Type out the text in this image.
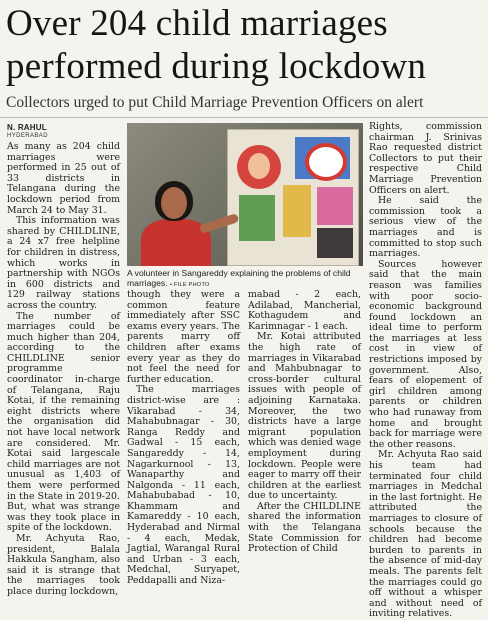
Over 204 child marriages
performed during lockdown
Collectors urged to put Child Marriage Prevention Officers on alert
N. RAHUL
HYDERABAD

As many as 204 child marriages were performed in 25 out of 33 districts in Telangana during the lockdown period from March 24 to May 31.

This information was shared by CHILDLINE, a 24 x7 free helpline for children in distress, which works in partnership with NGOs in 600 districts and 129 railway stations across the country.

The number of marriages could be much higher than 204, according to the CHILDLINE senior programme coordinator in-charge of Telangana, Raju Kotai, if the remaining eight districts where the organisation did not have local network are considered. Mr. Kotai said largescale child marriages are not unusual as 1,403 of them were performed in the State in 2019-20. But, what was strange was they took place in spite of the lockdown.

Mr. Achyuta Rao, president, Balala Hakkula Sangham, also said it is strange that the marriages took place during lockdown,

A volunteer in Sangareddy explaining the problems of child marriages. • FILE PHOTO

though they were a common feature immediately after SSC exams every years. The parents marry off children after exams every year as they do not feel the need for further education.

The marriages district-wise are : Vikarabad - 34, Mahabubnagar - 30, Ranga Reddy and Gadwal - 15 each, Sangareddy - 14, Nagarkurnool - 13, Wanaparthy and Nalgonda - 11 each, Mahabubabad - 10, Khammam and Kamareddy - 10 each, Hyderabad and Nirmal - 4 each, Medak, Jagtial, Warangal Rural and Urban - 3 each, Medchal, Suryapet, Peddapalli and Niza-

mabad - 2 each, Adilabad, Mancherial, Kothagudem and Karimnagar - 1 each.

Mr. Kotai attributed the high rate of marriages in Vikarabad and Mahbubnagar to cross-border cultural issues with people of adjoining Karnataka. Moreover, the two districts have a large migrant population which was denied wage employment during lockdown. People were eager to marry off their children at the earliest due to uncertainty.

After the CHILDLINE shared the information with the Telangana State Commission for Protection of Child

Rights, commission chairman J. Srinivas Rao requested district Collectors to put their respective Child Marriage Prevention Officers on alert.

He said the commission took a serious view of the marriages and is committed to stop such marriages.

Sources however said that the main reason was families with poor socio-economic background found lockdown an ideal time to perform the marriages at less cost in view of restrictions imposed by government. Also, fears of elopement of girl children among parents or children who had runaway from home and brought back for marriage were the other reasons.

Mr. Achyuta Rao said his team had terminated four child marriages in Medchal in the last fortnight. He attributed the marriages to closure of schools because the children had become burden to parents in the absence of mid-day meals. The parents felt the marriages could go off without a whisper and without need of inviting relatives.
